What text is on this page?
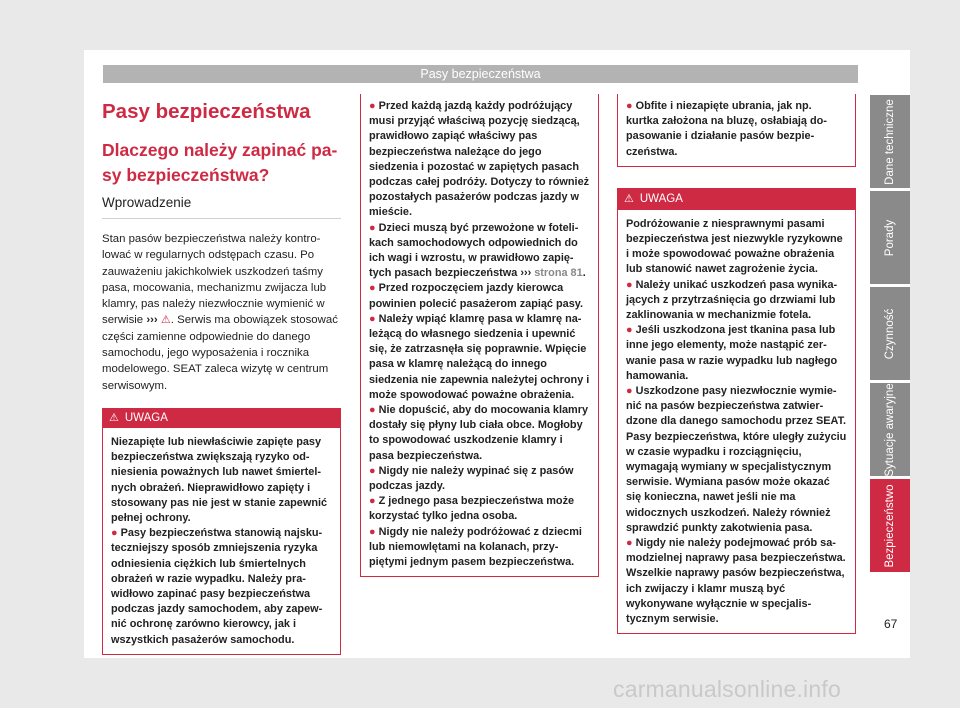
Pasy bezpieczeństwa
Pasy bezpieczeństwa
Dlaczego należy zapinać pa-
sy bezpieczeństwa?
Wprowadzenie
Stan pasów bezpieczeństwa należy kontrolować w regularnych odstępach czasu. Po zauważeniu jakichkolwiek uszkodzeń taśmy pasa, mocowania, mechanizmu zwijacza lub klamry, pas należy niezwłocznie wymienić w serwisie ››› ⚠. Serwis ma obowiązek stosować części zamienne odpowiednie do danego samochodu, jego wyposażenia i rocznika modelowego. SEAT zaleca wizytę w centrum serwisowym.
⚠ UWAGA

Niezapięte lub niewłaściwie zapięte pasy bezpieczeństwa zwiększają ryzyko odniesienia poważnych lub nawet śmiertelnych obrażeń. Nieprawidłowo zapięty i stosowany pas nie jest w stanie zapewnić pełnej ochrony.

● Pasy bezpieczeństwa stanowią najskuteczniejszy sposób zmniejszenia ryzyka odniesienia ciężkich lub śmiertelnych obrażeń w razie wypadku. Należy prawidłowo zapinać pasy bezpieczeństwa podczas jazdy samochodem, aby zapewnić ochronę zarówno kierowcy, jak i wszystkich pasażerów samochodu.

● Przed każdą jazdą każdy podróżujący musi przyjąć właściwą pozycję siedzącą, prawidłowo zapiąć właściwy pas bezpieczeństwa należące do jego siedzenia i pozostać w zapiętych pasach podczas całej podróży. Dotyczy to również pozostałych pasażerów podczas jazdy w mieście.

● Dzieci muszą być przewożone w fotelikach samochodowych odpowiednich do ich wagi i wzrostu, w prawidłowo zapiętych pasach bezpieczeństwa ››› strona 81.

● Przed rozpoczęciem jazdy kierowca powinien polecić pasażerom zapiąć pasy.

● Należy wpiąć klamrę pasa w klamrę należącą do własnego siedzenia i upewnić się, że zatrzasnęła się poprawnie. Wpięcie pasa w klamrę należącą do innego siedzenia nie zapewnia należytej ochrony i może spowodować poważne obrażenia.

● Nie dopuścić, aby do mocowania klamry dostały się płyny lub ciała obce. Mogłoby to spowodować uszkodzenie klamry i pasa bezpieczeństwa.

● Nigdy nie należy wypinać się z pasów podczas jazdy.

● Z jednego pasa bezpieczeństwa może korzystać tylko jedna osoba.

● Nigdy nie należy podróżować z dziecmi lub niemowlętami na kolanach, przypiętymi jednym pasem bezpieczeństwa.

● Obfite i niezapięte ubrania, jak np. kurtka założona na bluzę, osłabiają dopasowanie i działanie pasów bezpieczeństwa.

⚠ UWAGA

Podróżowanie z niesprawnymi pasami bezpieczeństwa jest niezwykle ryzykowne i może spowodować poważne obrażenia lub stanowić nawet zagrożenie życia.

● Należy unikać uszkodzeń pasa wynikających z przytrzaśnięcia go drzwiami lub zaklinowania w mechanizmie fotela.

● Jeśli uszkodzona jest tkanina pasa lub inne jego elementy, może nastąpić zerwanie pasa w razie wypadku lub nagłego hamowania.

● Uszkodzone pasy niezwłocznie wymienić na pasów bezpieczeństwa zatwierdzone dla danego samochodu przez SEAT. Pasy bezpieczeństwa, które uległy zużyciu w czasie wypadku i rozciągnięciu, wymagają wymiany w specjalistycznym serwisie. Wymiana pasów może okazać się konieczna, nawet jeśli nie ma widocznych uszkodzeń. Należy również sprawdzić punkty zakotwienia pasa.

● Nigdy nie należy podejmować prób samodzielnej naprawy pasa bezpieczeństwa. Wszelkie naprawy pasów bezpieczeństwa, ich zwijaczy i klamr muszą być wykonywane wyłącznie w specjalistycznym serwisie.

Dane techniczne
Porady
Czynność
Sytuacje awaryjne
Bezpieczeństwo
67
carmanualsonline.info
